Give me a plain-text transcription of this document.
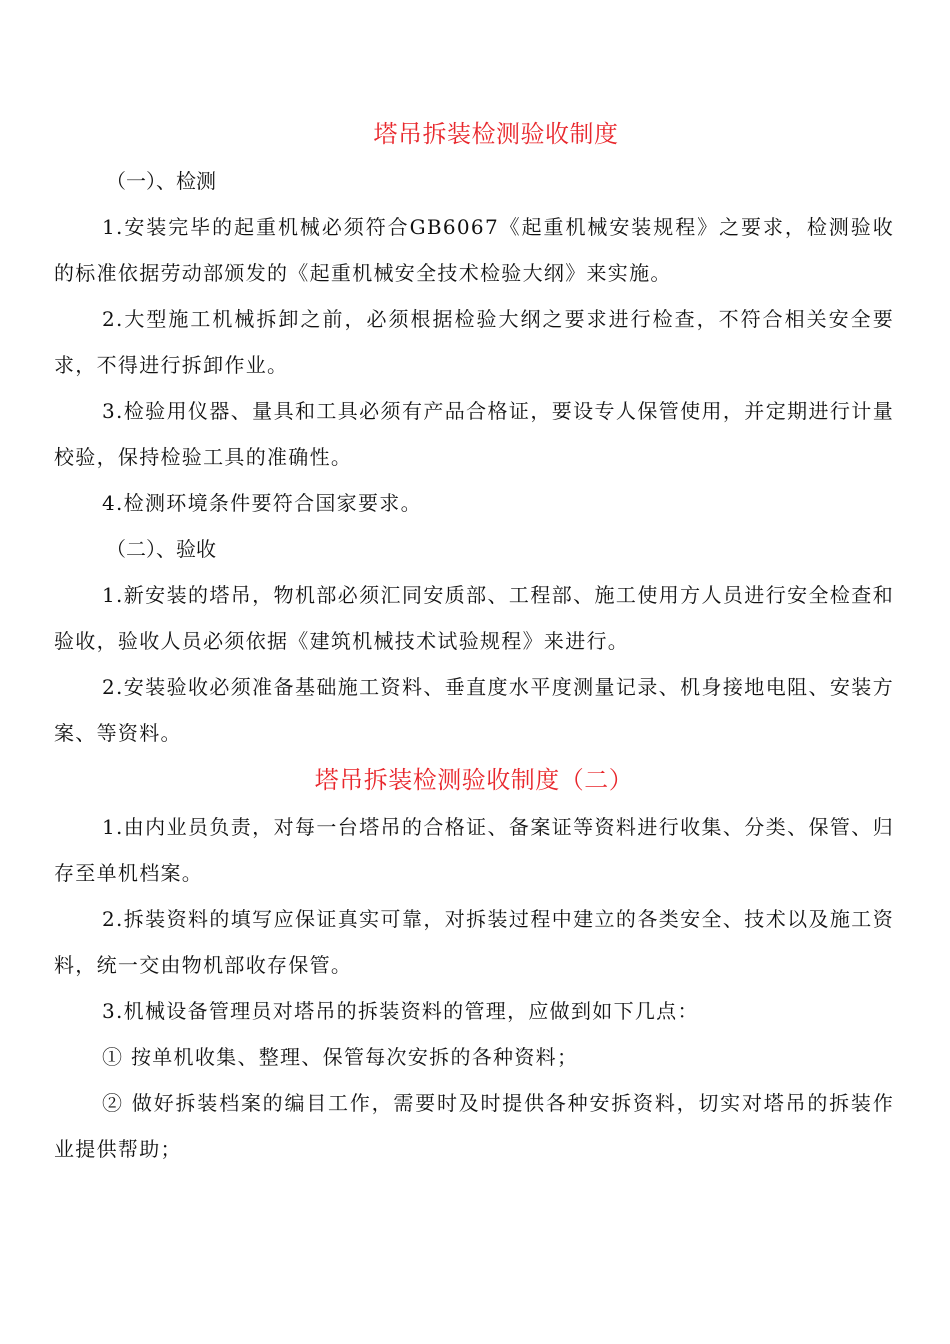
塔吊拆装检测验收制度

（一）、检测

1.安装完毕的起重机械必须符合GB6067《起重机械安装规程》之要求，检测验收的标准依据劳动部颁发的《起重机械安全技术检验大纲》来实施。

2.大型施工机械拆卸之前，必须根据检验大纲之要求进行检查，不符合相关安全要求，不得进行拆卸作业。

3.检验用仪器、量具和工具必须有产品合格证，要设专人保管使用，并定期进行计量校验，保持检验工具的准确性。

4.检测环境条件要符合国家要求。

（二）、验收

1.新安装的塔吊，物机部必须汇同安质部、工程部、施工使用方人员进行安全检查和验收，验收人员必须依据《建筑机械技术试验规程》来进行。

2.安装验收必须准备基础施工资料、垂直度水平度测量记录、机身接地电阻、安装方案、等资料。

塔吊拆装检测验收制度（二）

1.由内业员负责，对每一台塔吊的合格证、备案证等资料进行收集、分类、保管、归存至单机档案。

2.拆装资料的填写应保证真实可靠，对拆装过程中建立的各类安全、技术以及施工资料，统一交由物机部收存保管。

3.机械设备管理员对塔吊的拆装资料的管理，应做到如下几点：

① 按单机收集、整理、保管每次安拆的各种资料；

② 做好拆装档案的编目工作，需要时及时提供各种安拆资料，切实对塔吊的拆装作业提供帮助；
